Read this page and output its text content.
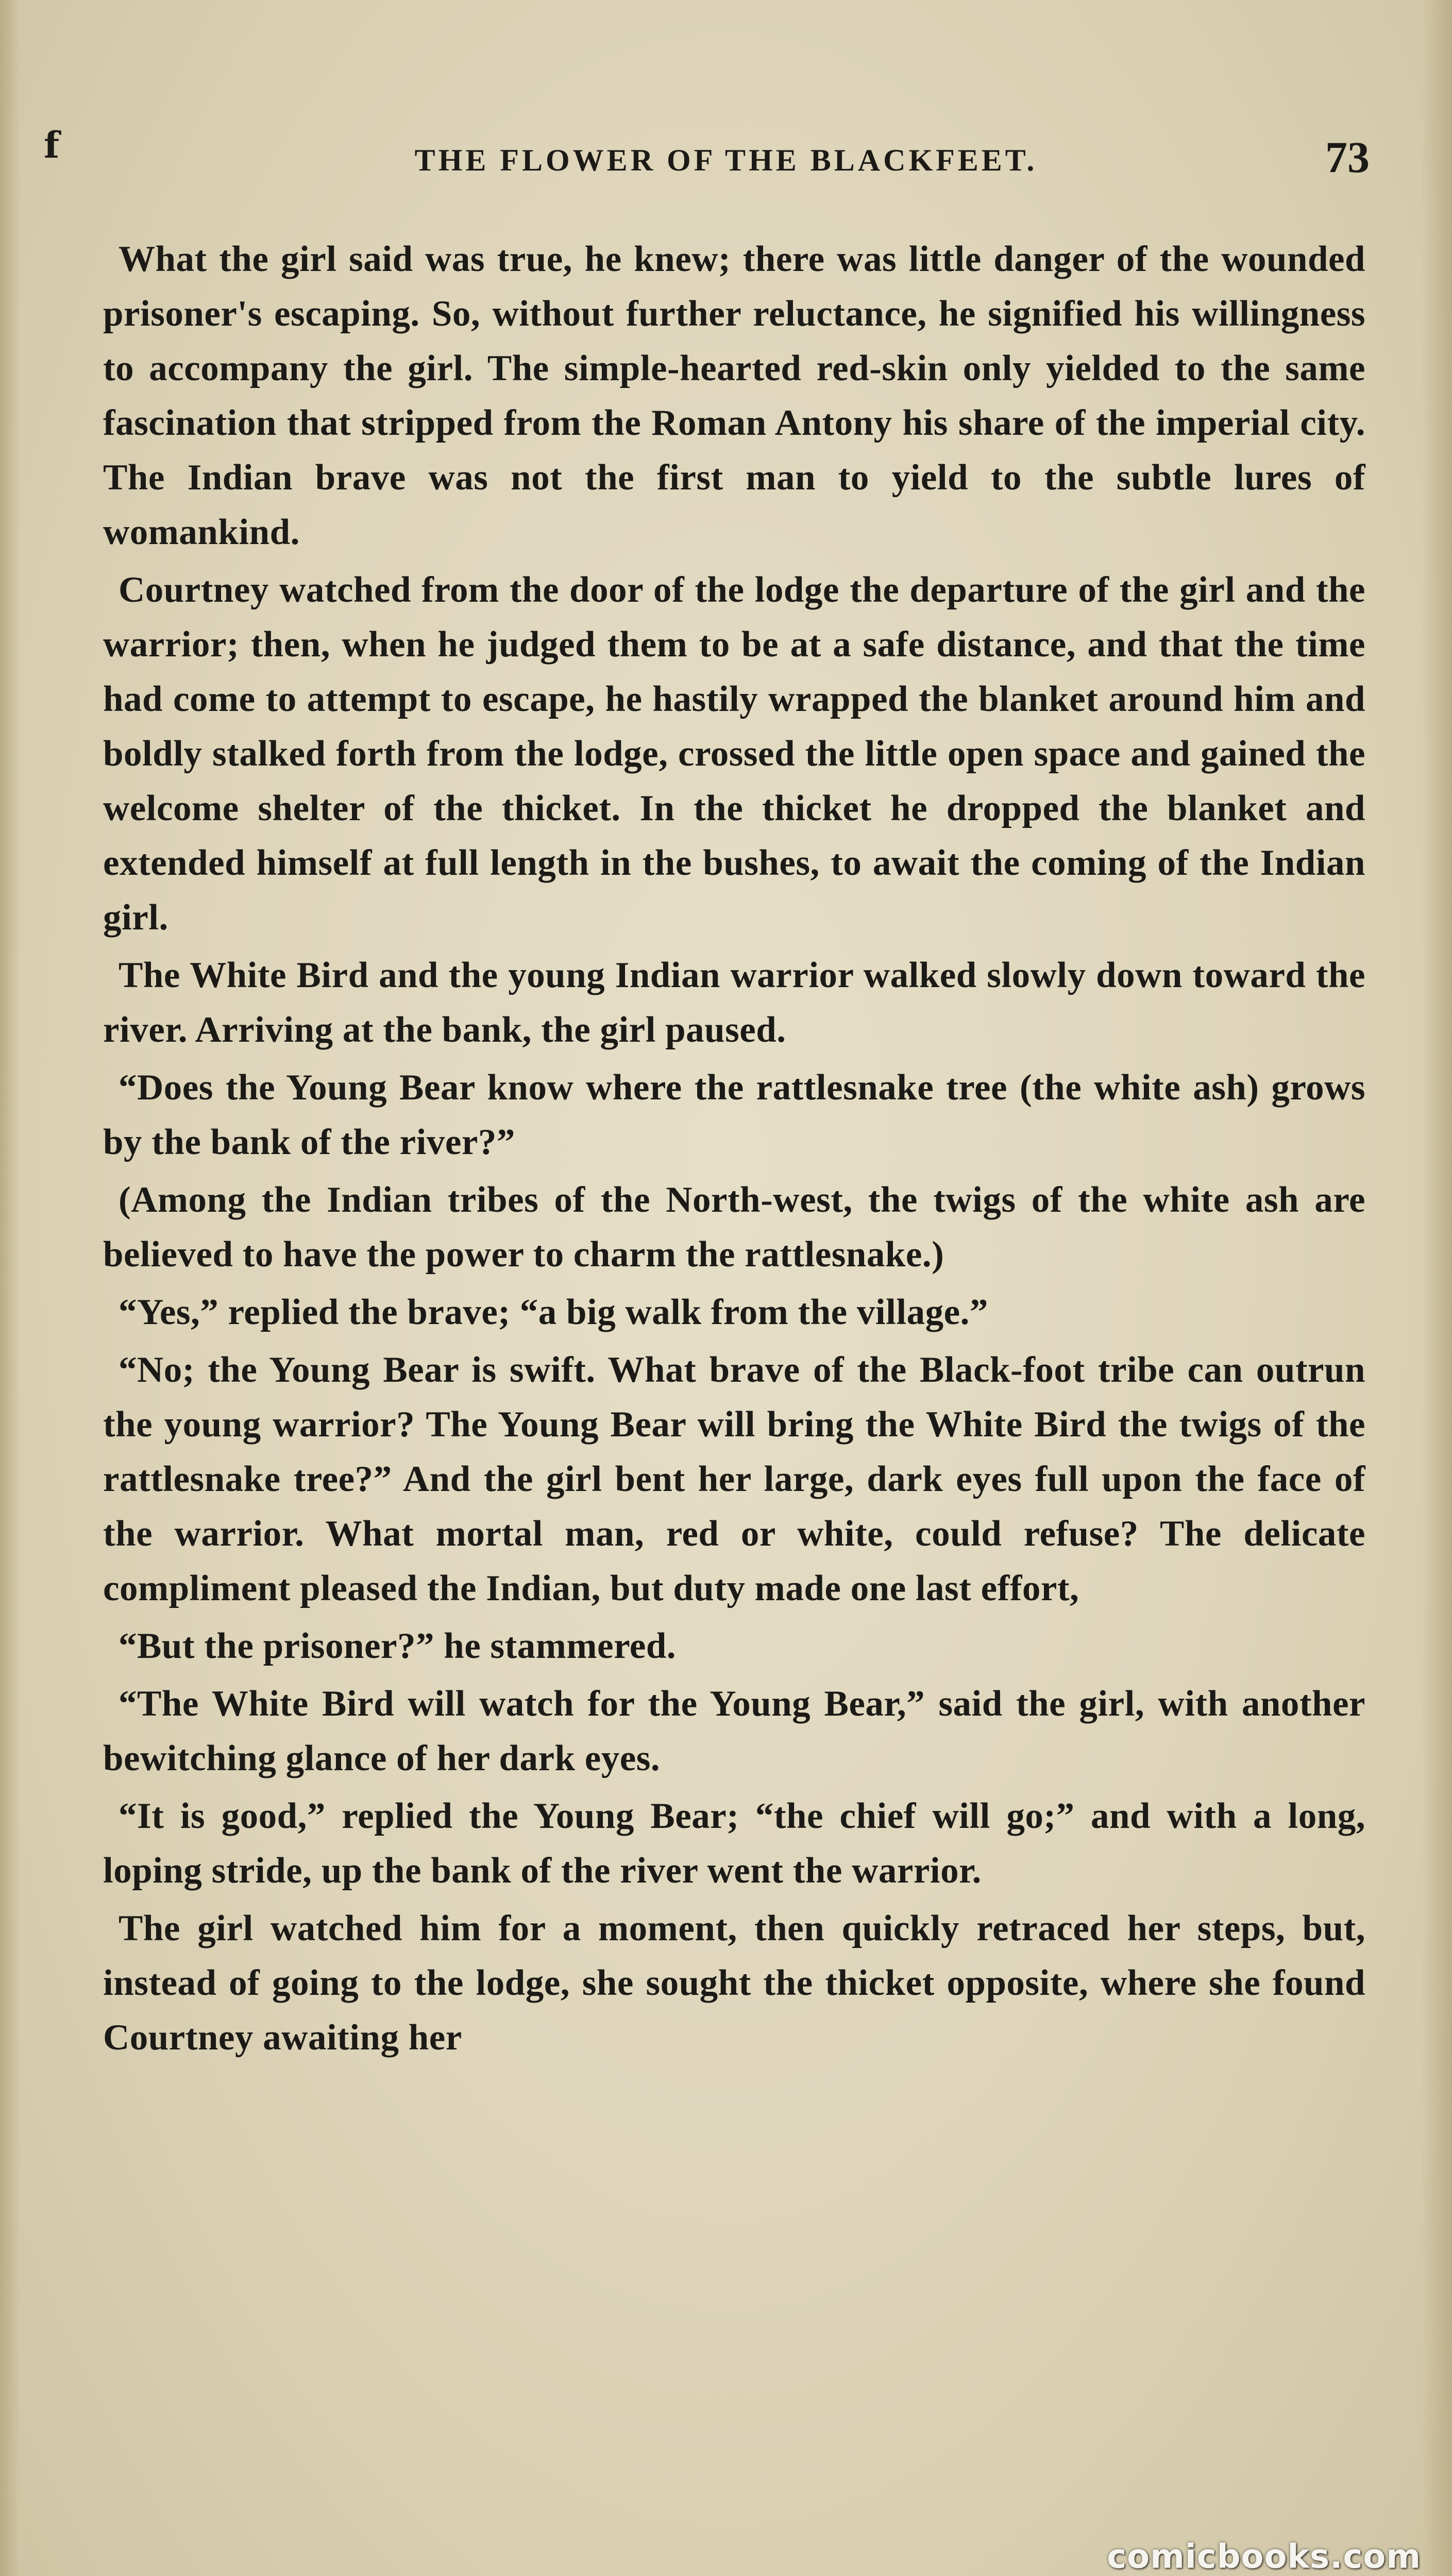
f	THE FLOWER OF THE BLACKFEET.	73

What the girl said was true, he knew; there was little danger of the wounded prisoner's escaping. So, without further reluctance, he signified his willingness to accompany the girl. The simple-hearted red-skin only yielded to the same fascination that stripped from the Roman Antony his share of the imperial city. The Indian brave was not the first man to yield to the subtle lures of womankind.

Courtney watched from the door of the lodge the departure of the girl and the warrior; then, when he judged them to be at a safe distance, and that the time had come to attempt to escape, he hastily wrapped the blanket around him and boldly stalked forth from the lodge, crossed the little open space and gained the welcome shelter of the thicket. In the thicket he dropped the blanket and extended himself at full length in the bushes, to await the coming of the Indian girl.

The White Bird and the young Indian warrior walked slowly down toward the river. Arriving at the bank, the girl paused.

“Does the Young Bear know where the rattlesnake tree (the white ash) grows by the bank of the river?”

(Among the Indian tribes of the North-west, the twigs of the white ash are believed to have the power to charm the rattlesnake.)

“Yes,” replied the brave; “a big walk from the village.”

“No; the Young Bear is swift. What brave of the Black-foot tribe can outrun the young warrior? The Young Bear will bring the White Bird the twigs of the rattlesnake tree?” And the girl bent her large, dark eyes full upon the face of the warrior. What mortal man, red or white, could refuse? The delicate compliment pleased the Indian, but duty made one last effort,

“But the prisoner?” he stammered.

“The White Bird will watch for the Young Bear,” said the girl, with another bewitching glance of her dark eyes.

“It is good,” replied the Young Bear; “the chief will go;” and with a long, loping stride, up the bank of the river went the warrior.

The girl watched him for a moment, then quickly retraced her steps, but, instead of going to the lodge, she sought the thicket opposite, where she found Courtney awaiting her

comicbooks.com
